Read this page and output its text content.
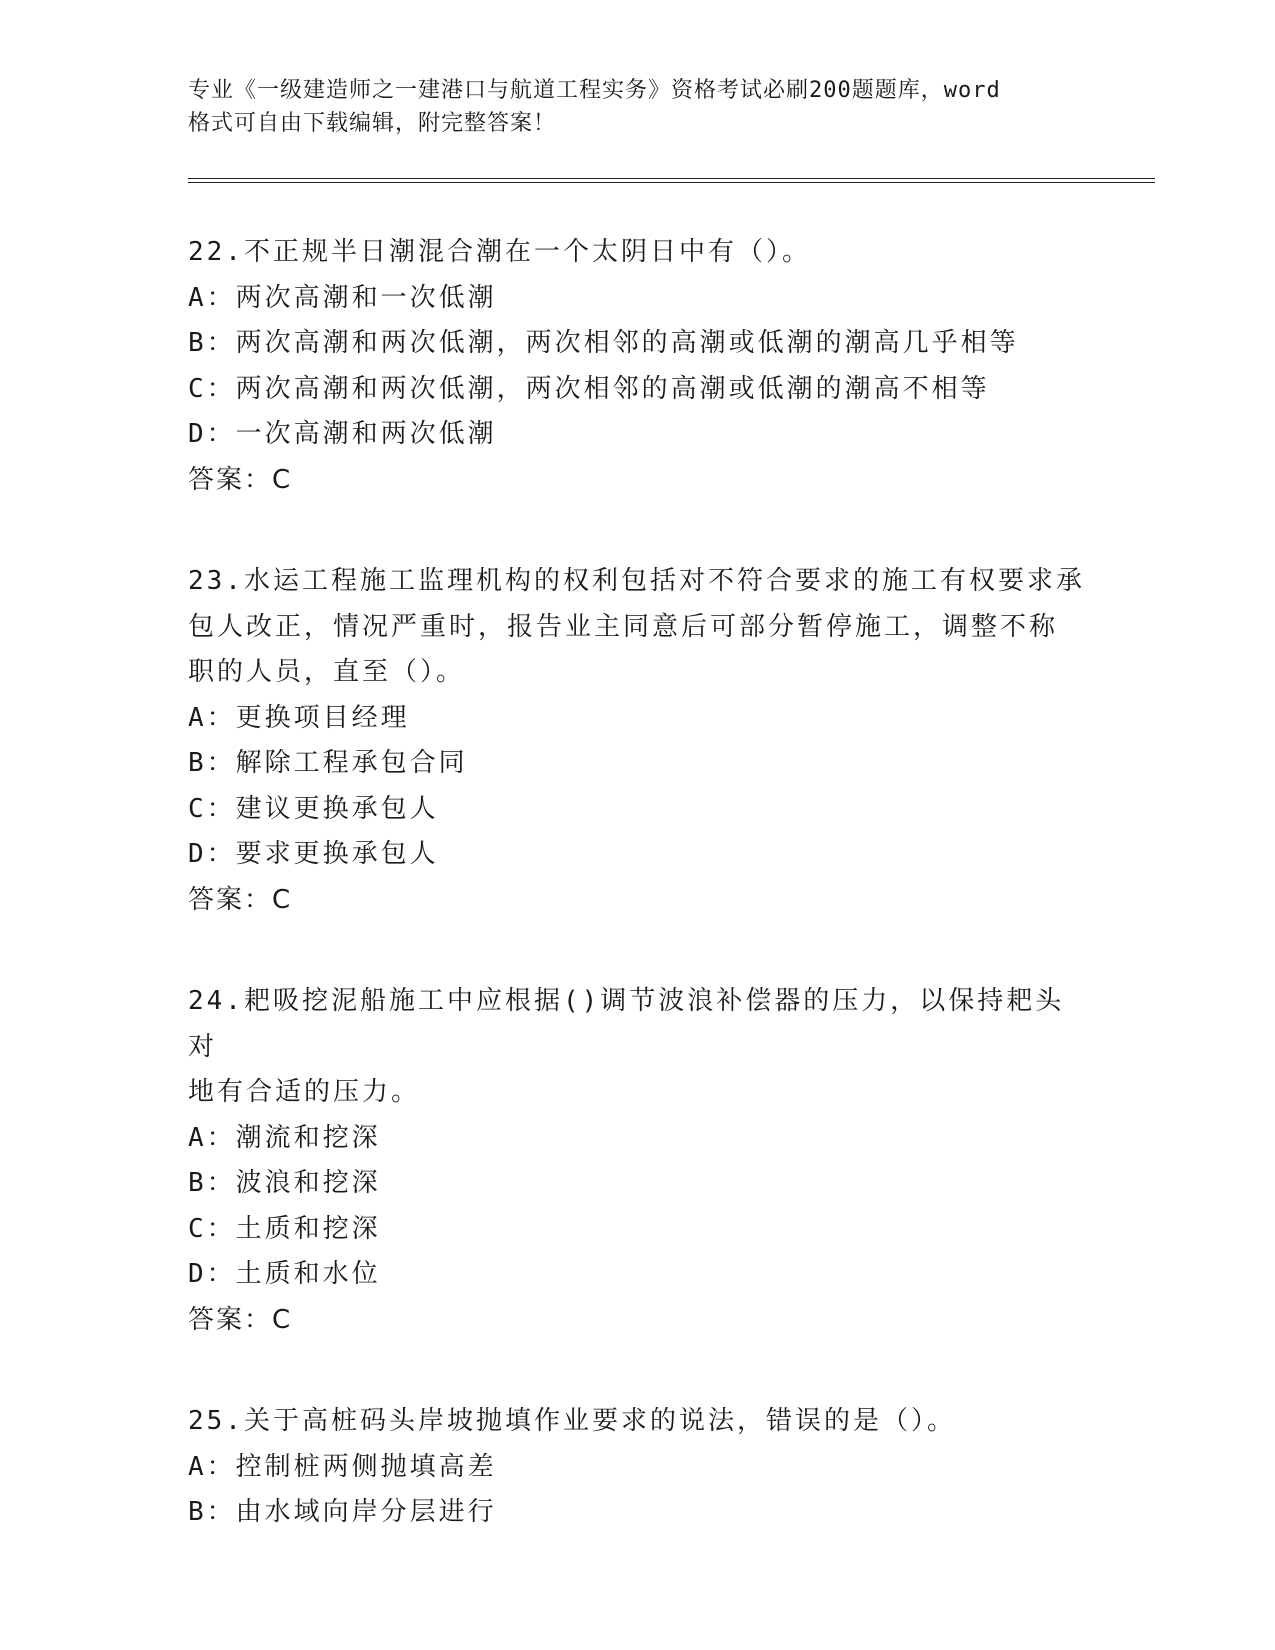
专业《一级建造师之一建港口与航道工程实务》资格考试必刷200题题库，word
格式可自由下载编辑，附完整答案！
22.不正规半日潮混合潮在一个太阴日中有（）。
A：两次高潮和一次低潮
B：两次高潮和两次低潮，两次相邻的高潮或低潮的潮高几乎相等
C：两次高潮和两次低潮，两次相邻的高潮或低潮的潮高不相等
D：一次高潮和两次低潮
答案：C
23.水运工程施工监理机构的权利包括对不符合要求的施工有权要求承
包人改正，情况严重时，报告业主同意后可部分暂停施工，调整不称
职的人员，直至（）。
A：更换项目经理
B：解除工程承包合同
C：建议更换承包人
D：要求更换承包人
答案：C
24.耙吸挖泥船施工中应根据()调节波浪补偿器的压力，以保持耙头对
地有合适的压力。
A：潮流和挖深
B：波浪和挖深
C：土质和挖深
D：土质和水位
答案：C
25.关于高桩码头岸坡抛填作业要求的说法，错误的是（）。
A：控制桩两侧抛填高差
B：由水域向岸分层进行
